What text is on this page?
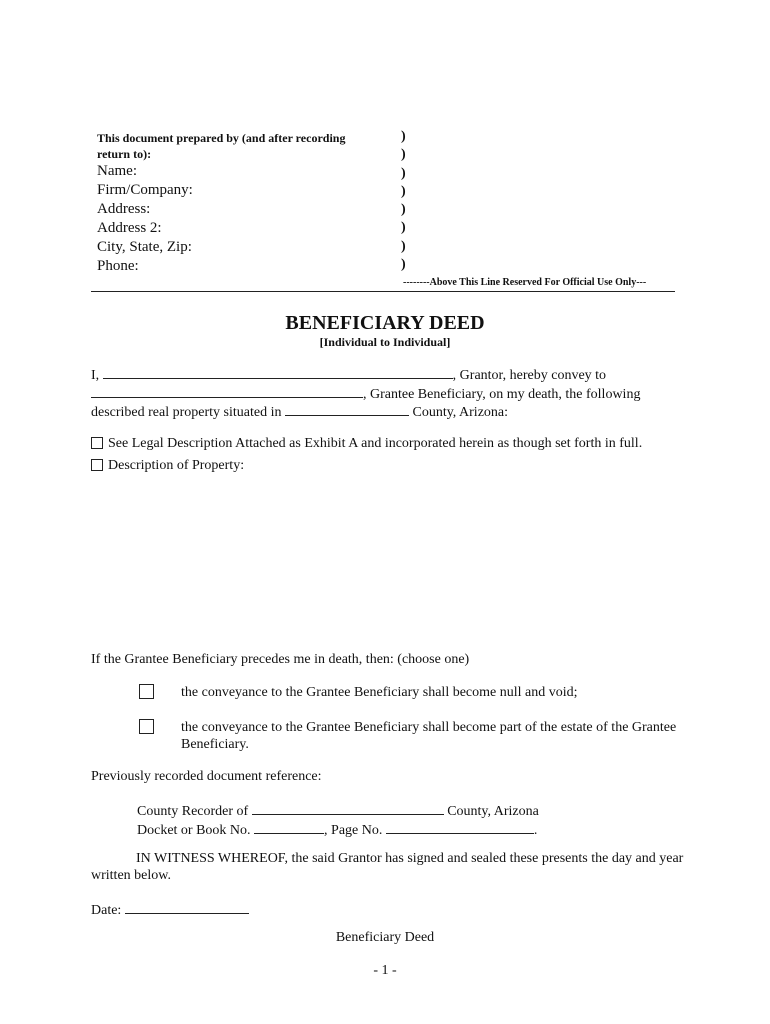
This document prepared by (and after recording
return to):
Name:
Firm/Company:
Address:
Address 2:
City, State, Zip:
Phone:
)
)
)
)
)
)
)
)
--------Above This Line Reserved For Official Use Only---
BENEFICIARY DEED
[Individual to Individual]
I,	, Grantor, hereby convey to
, Grantee Beneficiary, on my death, the following
described real property situated in	County, Arizona:
See Legal Description Attached as Exhibit A and incorporated herein as though set forth in full.
Description of Property:
If the Grantee Beneficiary precedes me in death, then: (choose one)
the conveyance to the Grantee Beneficiary shall become null and void;
the conveyance to the Grantee Beneficiary shall become part of the estate of the Grantee
Beneficiary.
Previously recorded document reference:
County Recorder of	County, Arizona
Docket or Book No.	, Page No.	.
IN WITNESS WHEREOF, the said Grantor has signed and sealed these presents the day and year
written below.
Date:
Beneficiary Deed
- 1 -
